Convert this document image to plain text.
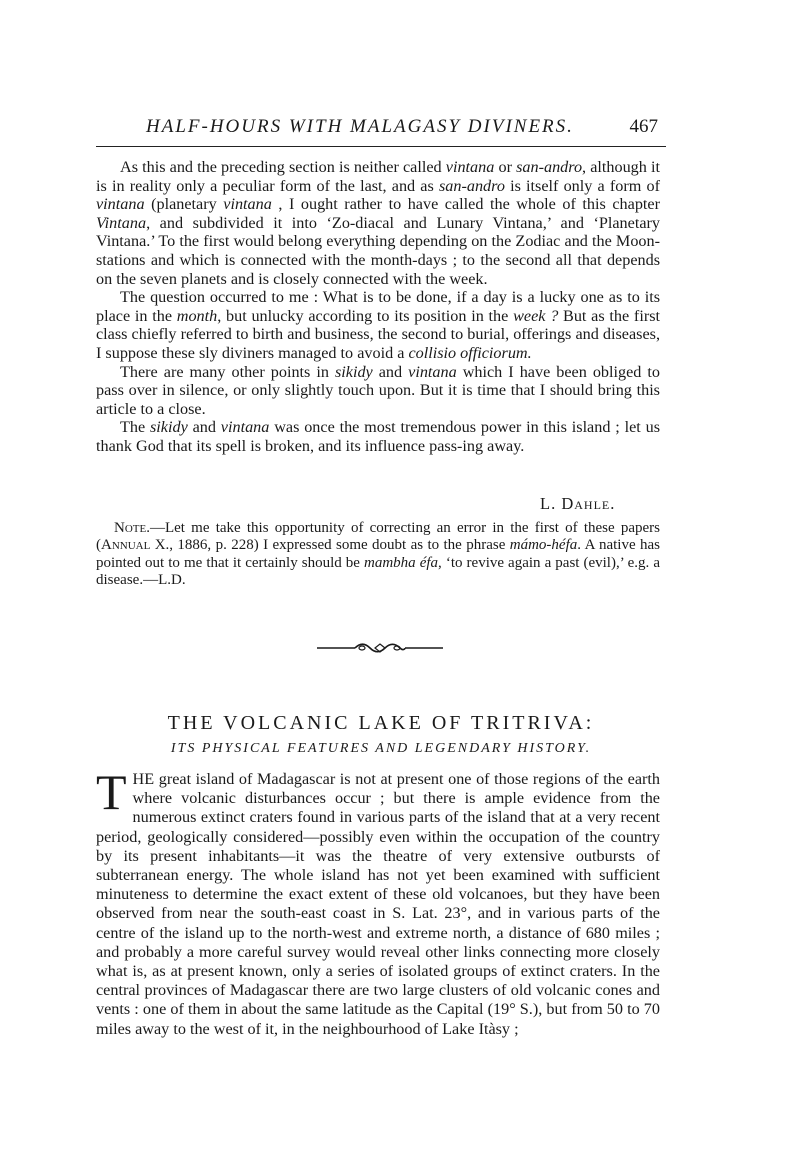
HALF-HOURS WITH MALAGASY DIVINERS.	467

As this and the preceding section is neither called vintana or san-andro, although it is in reality only a peculiar form of the last, and as san-andro is itself only a form of vintana (planetary vintana , I ought rather to have called the whole of this chapter Vintana, and subdivided it into ‘Zo-diacal and Lunary Vintana,’ and ‘Planetary Vintana.’ To the first would belong everything depending on the Zodiac and the Moon-stations and which is connected with the month-days ; to the second all that depends on the seven planets and is closely connected with the week.

The question occurred to me : What is to be done, if a day is a lucky one as to its place in the month, but unlucky according to its position in the week ? But as the first class chiefly referred to birth and business, the second to burial, offerings and diseases, I suppose these sly diviners managed to avoid a collisio officiorum.

There are many other points in sikidy and vintana which I have been obliged to pass over in silence, or only slightly touch upon. But it is time that I should bring this article to a close.

The sikidy and vintana was once the most tremendous power in this island ; let us thank God that its spell is broken, and its influence pass-ing away.

L. Dahle.

Note.—Let me take this opportunity of correcting an error in the first of these papers (Annual X., 1886, p. 228) I expressed some doubt as to the phrase mámo-héfa. A native has pointed out to me that it certainly should be mambha éfa, ‘to revive again a past (evil),’ e.g. a disease.—L.D.

THE VOLCANIC LAKE OF TRITRIVA:
ITS PHYSICAL FEATURES AND LEGENDARY HISTORY.

THE great island of Madagascar is not at present one of those regions of the earth where volcanic disturbances occur ; but there is ample evidence from the numerous extinct craters found in various parts of the island that at a very recent period, geologically considered—possibly even within the occupation of the country by its present inhabitants—it was the theatre of very extensive outbursts of subterranean energy. The whole island has not yet been examined with sufficient minuteness to determine the exact extent of these old volcanoes, but they have been observed from near the south-east coast in S. Lat. 23°, and in various parts of the centre of the island up to the north-west and extreme north, a distance of 680 miles ; and probably a more careful survey would reveal other links connecting more closely what is, as at present known, only a series of isolated groups of extinct craters. In the central provinces of Madagascar there are two large clusters of old volcanic cones and vents : one of them in about the same latitude as the Capital (19° S.), but from 50 to 70 miles away to the west of it, in the neighbourhood of Lake Itàsy ;
